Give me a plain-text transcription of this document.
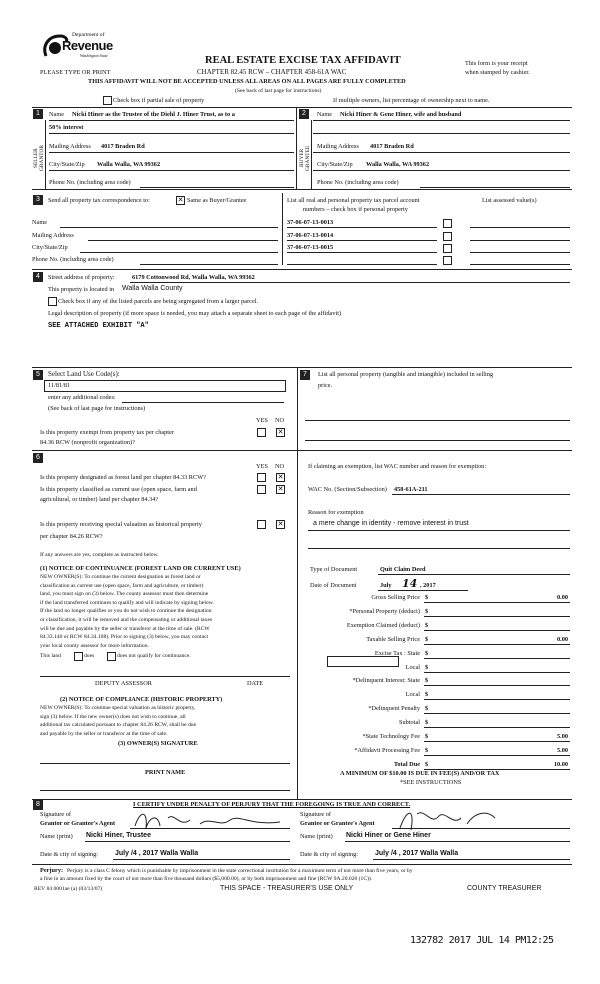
Department of
Revenue
Washington State	REAL ESTATE EXCISE TAX AFFIDAVIT
CHAPTER 82.45 RCW – CHAPTER 458-61A WAC
PLEASE TYPE OR PRINT
This form is your receipt
when stamped by cashier.
THIS AFFIDAVIT WILL NOT BE ACCEPTED UNLESS ALL AREAS ON ALL PAGES ARE FULLY COMPLETED
(See back of last page for instructions)
Check box if partial sale of property	If multiple owners, list percentage of ownership next to name.
1
SELLER GRANTOR
Name Nicki Hiner as the Trustee of the Diehl J. Hiner Trust, as to a
50% interest
Mailing Address 4017 Braden Rd
City/State/Zip Walla Walla, WA 99362
Phone No. (including area code)
2	Name Nicki Hiner & Gene Hiner, wife and husband
BUYER GRANTEE Mailing Address 4017 Braden Rd
City/State/Zip Walla Walla, WA 99362
Phone No. (including area code)
3	Send all property tax correspondence to:	✕ Same as Buyer/Grantee
Name
Mailing Address
City/State/Zip
Phone No. (including area code)
List all real and personal property tax parcel account
numbers – check box if personal property
List assessed value(s)
37-06-07-13-0013
37-06-07-13-0014
37-06-07-13-0015
4	Street address of property:	6179 Cottonwood Rd, Walla Walla, WA 99362
This property is located in Walla Walla County
Check box if any of the listed parcels are being segregated from a larger parcel.
Legal description of property (if more space is needed, you may attach a separate sheet to each page of the affidavit)
SEE ATTACHED EXHIBIT "A"
5	Select Land Use Code(s):
11/81/81
enter any additional codes:
(See back of last page for instructions)
YES NO
Is this property exempt from property tax per chapter
84.36 RCW (nonprofit organization)?
✕
6
YES NO
Is this property designated as forest land per chapter 84.33 RCW?	✕
Is this property classified as current use (open space, farm and
agricultural, or timber) land per chapter 84.34?
✕
Is this property receiving special valuation as historical property
per chapter 84.26 RCW?
✕
If any answers are yes, complete as instructed below.
(1) NOTICE OF CONTINUANCE (FOREST LAND OR CURRENT USE)
NEW OWNER(S): To continue the current designation as forest land or
classification as current use (open space, farm and agriculture, or timber)
land, you must sign on (3) below. The county assessor must then determine
if the land transferred continues to qualify and will indicate by signing below.
If the land no longer qualifies or you do not wish to continue the designation
or classification, it will be removed and the compensating or additional taxes
will be due and payable by the seller or transferor at the time of sale. (RCW
84.33.140 or RCW 84.34.108). Prior to signing (3) below, you may contact
your local county assessor for more information.
This land	does	does not qualify for continuance.
DEPUTY ASSESSOR	DATE
(2) NOTICE OF COMPLIANCE (HISTORIC PROPERTY)
NEW OWNER(S): To continue special valuation as historic property,
sign (3) below. If the new owner(s) does not wish to continue, all
additional tax calculated pursuant to chapter 84.26 RCW, shall be due
and payable by the seller or transferor at the time of sale.
(3) OWNER(S) SIGNATURE
PRINT NAME
7	List all personal property (tangible and intangible) included in selling
price.
If claiming an exemption, list WAC number and reason for exemption:
WAC No. (Section/Subsection) 458-61A-211
Reason for exemption
a mere change in identity - remove interest in trust
Type of Document	Quit Claim Deed
Date of Document	July 14 , 2017
Gross Selling Price $	0.00
*Personal Property (deduct) $
Exemption Claimed (deduct) $
Taxable Selling Price $	0.00
Excise Tax : State $
Local $
*Delinquent Interest: State $
Local $
*Delinquent Penalty $
Subtotal $
*State Technology Fee $	5.00
*Affidavit Processing Fee $	5.00
Total Due $	10.00
A MINIMUM OF $10.00 IS DUE IN FEE(S) AND/OR TAX
*SEE INSTRUCTIONS
8	I CERTIFY UNDER PENALTY OF PERJURY THAT THE FOREGOING IS TRUE AND CORRECT.
Signature of
Grantor or Grantor's Agent
Signature of
Grantee or Grantee's Agent
Name (print) Nicki Hiner, Trustee	Name (print) Nicki Hiner or Gene Hiner
Date & city of signing: July /4 , 2017 Walla Walla	Date & city of signing: July /4 , 2017 Walla Walla
Perjury: Perjury is a class C felony which is punishable by imprisonment in the state correctional institution for a maximum term of not more than five years, or by
a fine in an amount fixed by the court of not more than five thousand dollars ($5,000.00), or by both imprisonment and fine (RCW 9A.20.020 (1C)).
REV 84 0001ae (a) (03/13/07)	THIS SPACE - TREASURER'S USE ONLY	COUNTY TREASURER
132782 2017 JUL 14 PM12:25
